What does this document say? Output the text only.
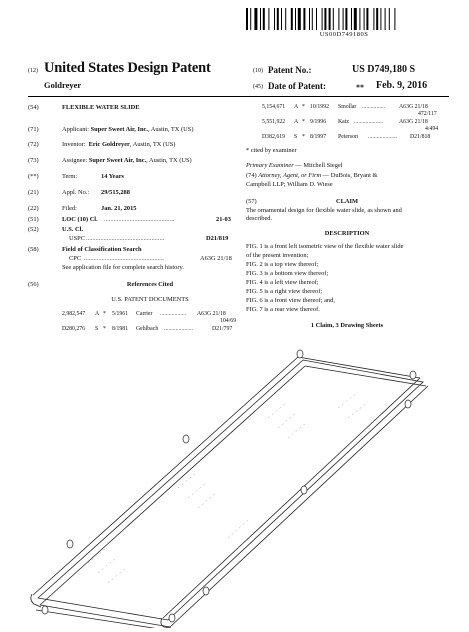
US00D749180S
(12) United States Design Patent
Goldreyer
(10) Patent No.:	US D749,180 S
(45) Date of Patent:	** Feb. 9, 2016
(54)	FLEXIBLE WATER SLIDE
(71)	Applicant: Super Sweet Air, Inc., Austin, TX (US)
(72)	Inventor: Eric Goldreyer, Austin, TX (US)
(73)	Assignee: Super Sweet Air, Inc., Austin, TX (US)
(**)	Term:	14 Years
(21)	Appl. No.: 29/515,288
(22)	Filed:	Jan. 21, 2015
(51)	LOC (10) Cl. ............................................	21-03
(52)	U.S. Cl.
USPC .................................................	D21/819
(58)	Field of Classification Search
CPC ..................................................	A63G 21/18
See application file for complete search history.
(56)	References Cited
U.S. PATENT DOCUMENTS
2,982,547 A * 5/1961 Carrier ..................	A63G 21/18
104/69
D280,276 S * 8/1981 Gehlbach ....................	D21/797
5,154,671 A * 10/1992 Smollar ................	A63G 21/18
472/117
5,551,922 A * 9/1996 Katz ....................	A63G 21/18
4/494
D382,619 S * 8/1997 Peterson ....................	D21/818
* cited by examiner
Primary Examiner — Mitchell Siegel
(74) Attorney, Agent, or Firm — DuBois, Bryant &
Campbell LLP; William D. Wiese
(57)	CLAIM
The ornamental design for flexible water slide, as shown and
described.
DESCRIPTION
FIG. 1 is a front left isometric view of the flexible water slide
of the present invention;
FIG. 2 is a top view thereof;
FIG. 3 is a bottom view thereof;
FIG. 4 is a left view thereof;
FIG. 5 is a right view thereof;
FIG. 6 is a front view thereof; and,
FIG. 7 is a rear view thereof.
1 Claim, 3 Drawing Sheets
